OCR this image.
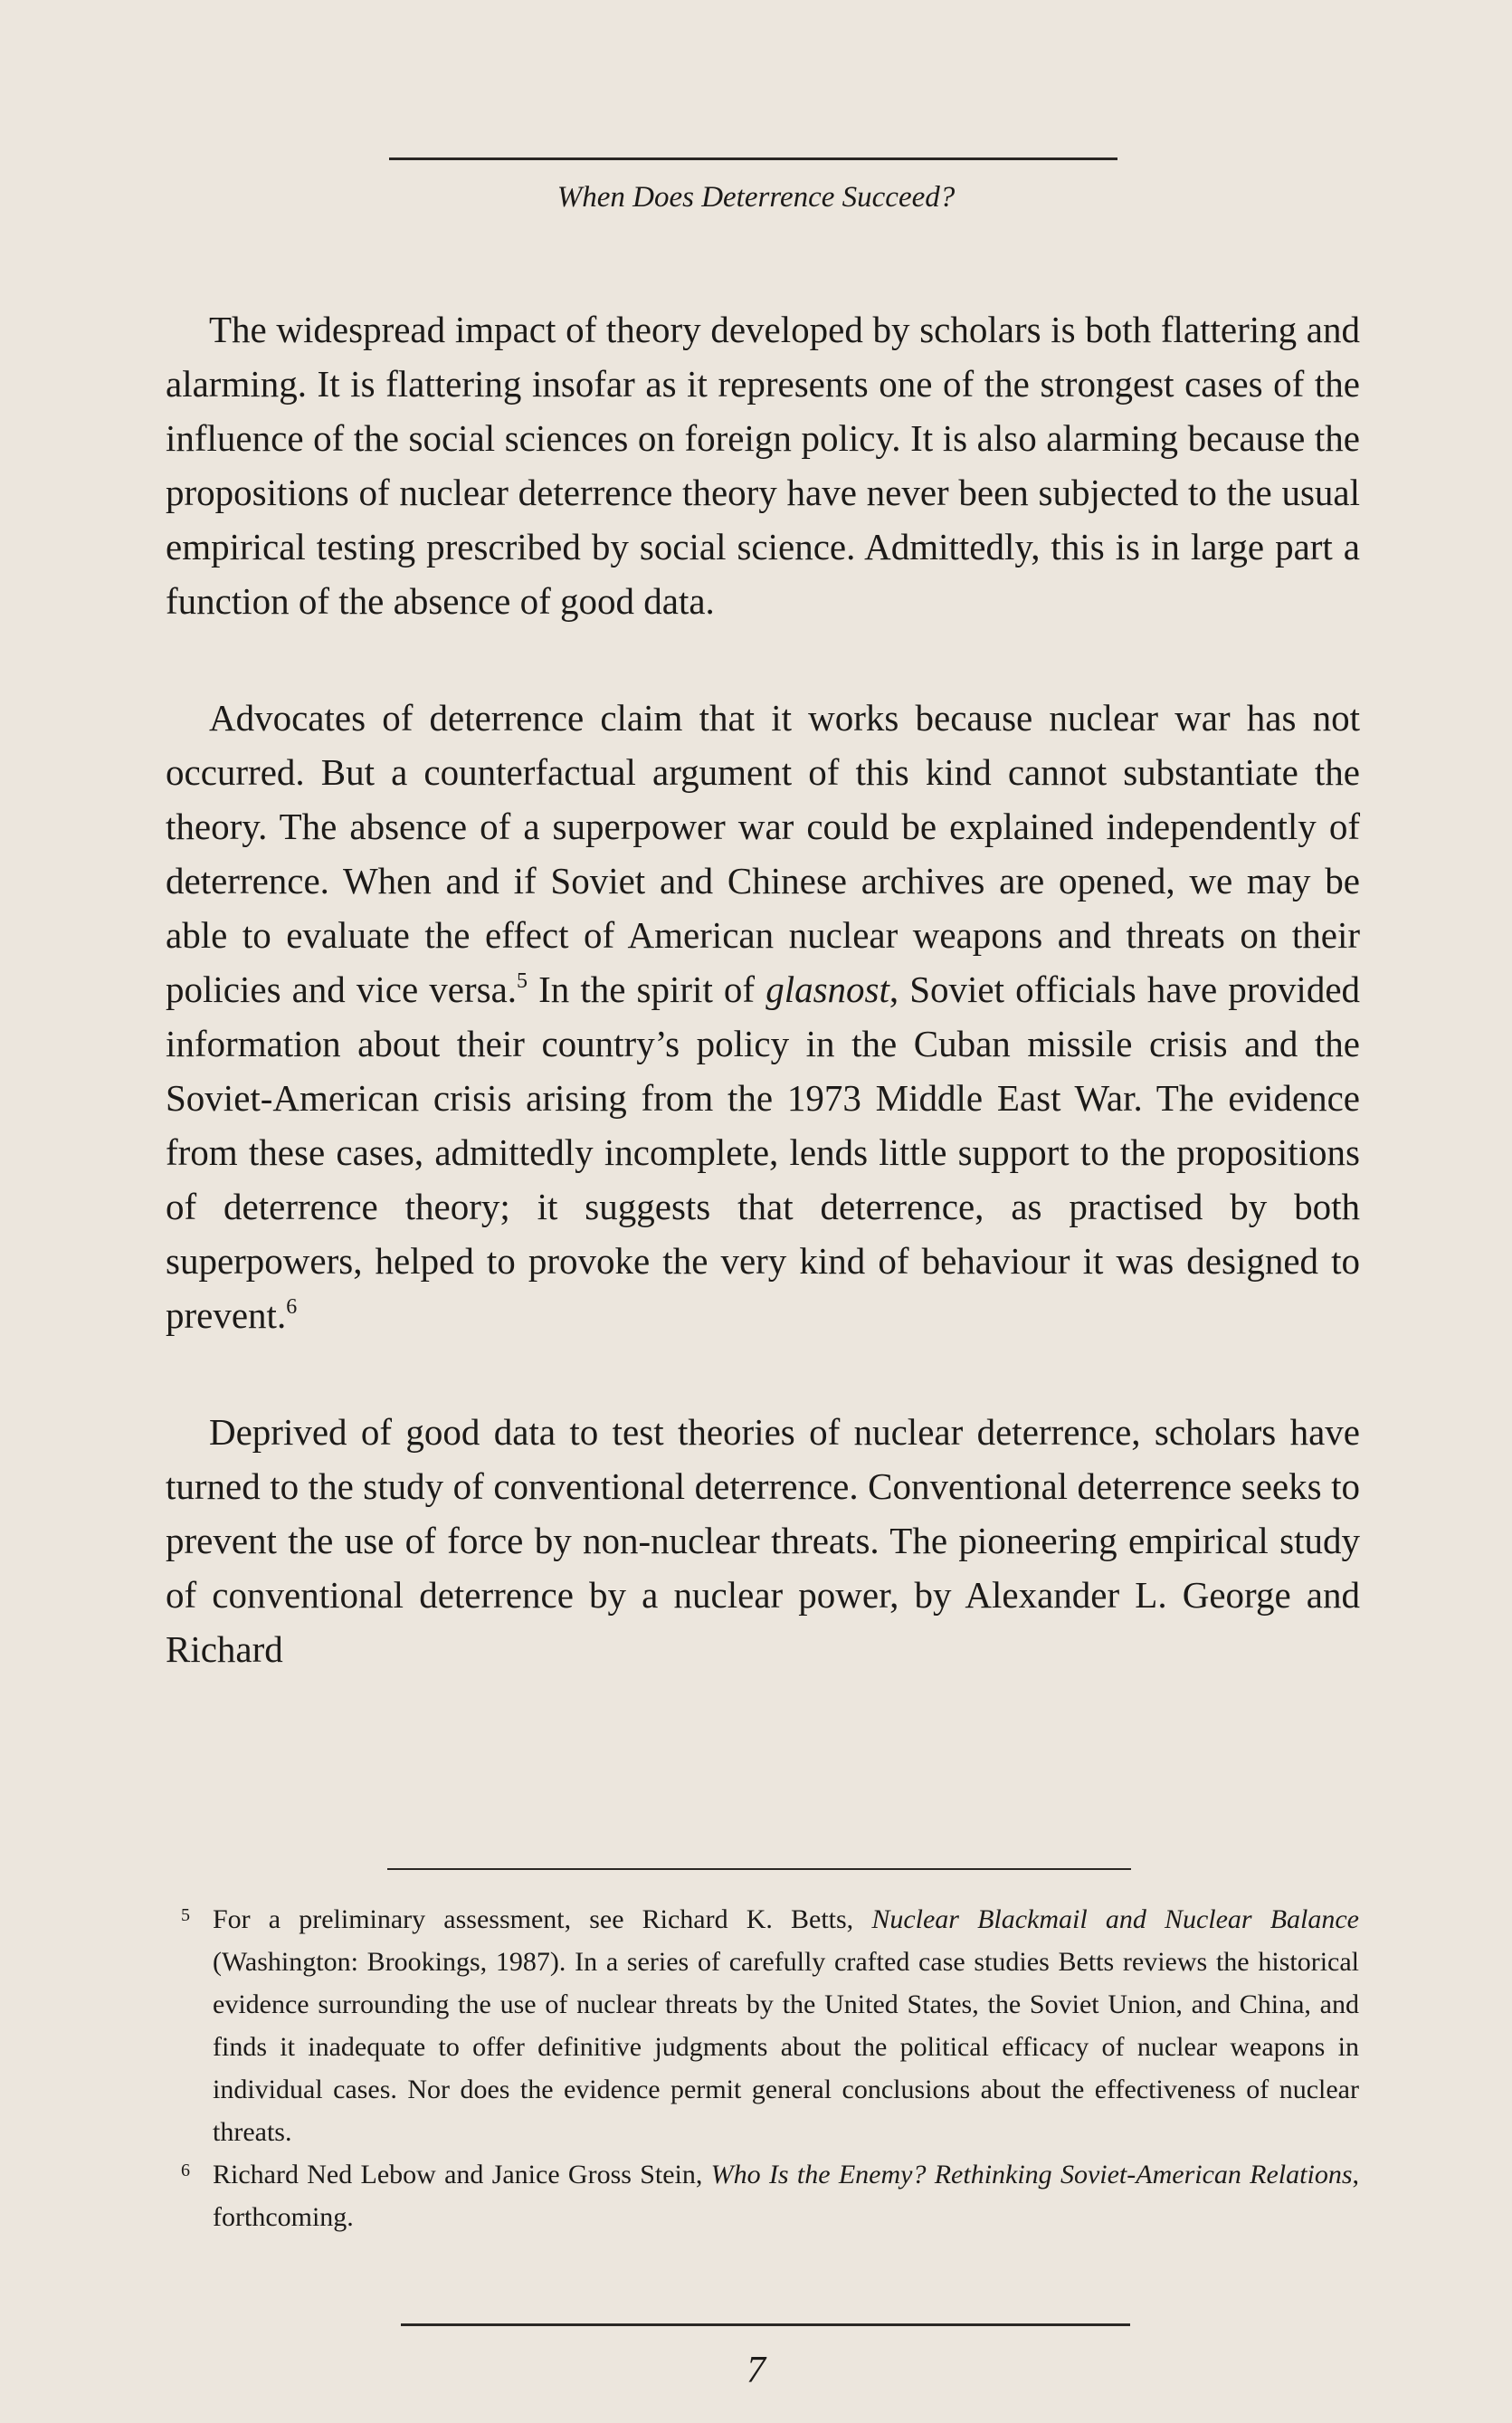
When Does Deterrence Succeed?

The widespread impact of theory developed by scholars is both flattering and alarming. It is flattering insofar as it represents one of the strongest cases of the influence of the social sciences on foreign policy. It is also alarming because the propositions of nuclear deterrence theory have never been subjected to the usual empirical testing prescribed by social science. Admittedly, this is in large part a function of the absence of good data.

Advocates of deterrence claim that it works because nuclear war has not occurred. But a counterfactual argument of this kind cannot substantiate the theory. The absence of a superpower war could be explained independently of deterrence. When and if Soviet and Chinese archives are opened, we may be able to evaluate the effect of American nuclear weapons and threats on their policies and vice versa.$^5$ In the spirit of glasnost, Soviet officials have provided information about their country’s policy in the Cuban missile crisis and the Soviet-American crisis arising from the 1973 Middle East War. The evidence from these cases, admittedly incomplete, lends little support to the propositions of deterrence theory; it suggests that deterrence, as practised by both superpowers, helped to provoke the very kind of behaviour it was designed to prevent.$^6$

Deprived of good data to test theories of nuclear deterrence, scholars have turned to the study of conventional deterrence. Conventional deterrence seeks to prevent the use of force by non-nuclear threats. The pioneering empirical study of conventional deterrence by a nuclear power, by Alexander L. George and Richard

5 For a preliminary assessment, see Richard K. Betts, Nuclear Blackmail and Nuclear Balance (Washington: Brookings, 1987). In a series of carefully crafted case studies Betts reviews the historical evidence surrounding the use of nuclear threats by the United States, the Soviet Union, and China, and finds it inadequate to offer definitive judgments about the political efficacy of nuclear weapons in individual cases. Nor does the evidence permit general conclusions about the effectiveness of nuclear threats.

6 Richard Ned Lebow and Janice Gross Stein, Who Is the Enemy? Rethinking Soviet-American Relations, forthcoming.

7
